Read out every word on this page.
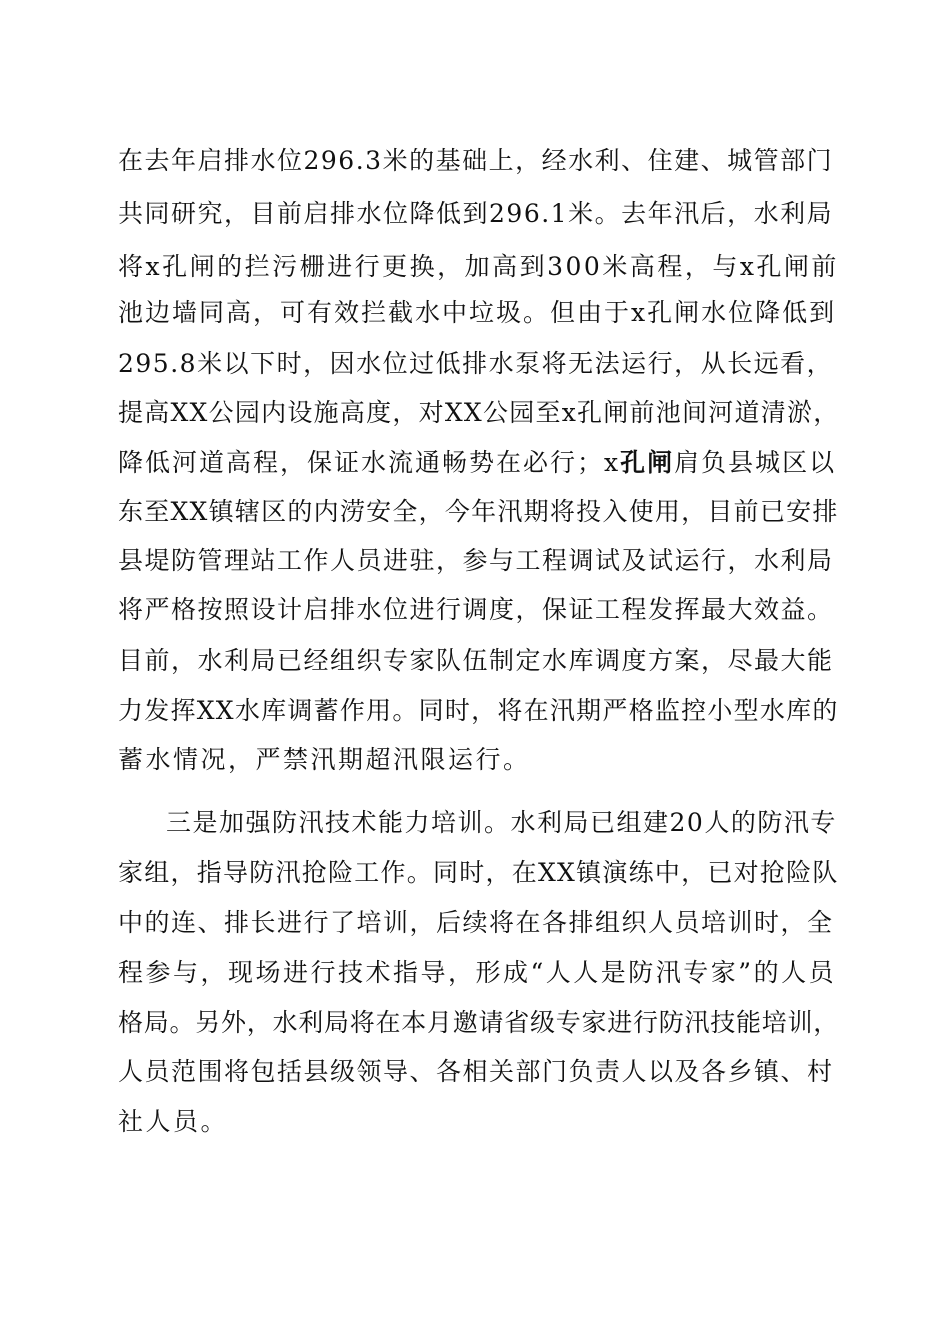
在去年启排水位296.3米的基础上，经水利、住建、城管部门
共同研究，目前启排水位降低到296.1米。去年汛后，水利局
将x孔闸的拦污栅进行更换，加高到300米高程，与x孔闸前
池边墙同高，可有效拦截水中垃圾。但由于x孔闸水位降低到
295.8米以下时，因水位过低排水泵将无法运行，从长远看，
提高XX公园内设施高度，对XX公园至x孔闸前池间河道清淤，
降低河道高程，保证水流通畅势在必行；x孔闸肩负县城区以
东至XX镇辖区的内涝安全，今年汛期将投入使用，目前已安排
县堤防管理站工作人员进驻，参与工程调试及试运行，水利局
将严格按照设计启排水位进行调度，保证工程发挥最大效益。
目前，水利局已经组织专家队伍制定水库调度方案，尽最大能
力发挥XX水库调蓄作用。同时，将在汛期严格监控小型水库的
蓄水情况，严禁汛期超汛限运行。
三是加强防汛技术能力培训。水利局已组建20人的防汛专
家组，指导防汛抢险工作。同时，在XX镇演练中，已对抢险队
中的连、排长进行了培训，后续将在各排组织人员培训时，全
程参与，现场进行技术指导，形成“人人是防汛专家”的人员
格局。另外，水利局将在本月邀请省级专家进行防汛技能培训，
人员范围将包括县级领导、各相关部门负责人以及各乡镇、村
社人员。
